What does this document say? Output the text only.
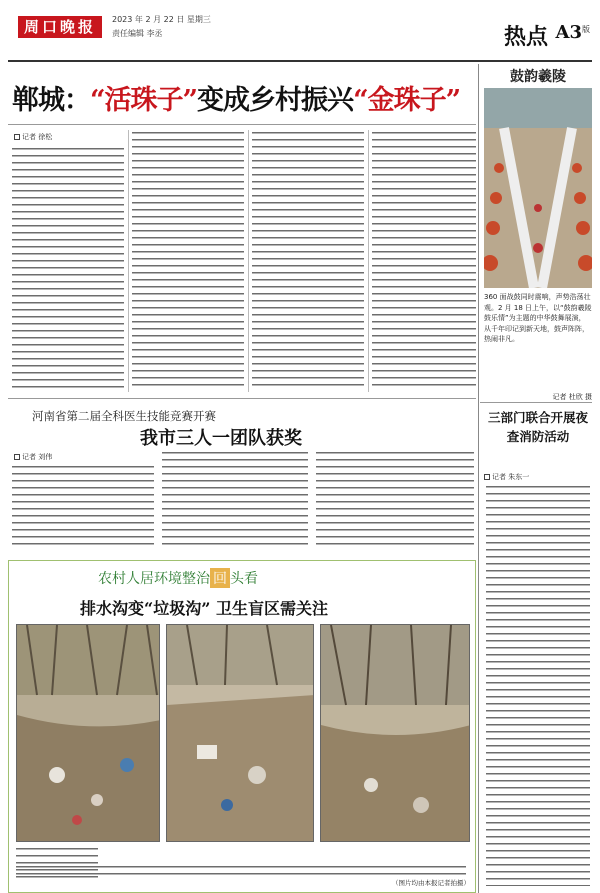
周口晚报	2023 年 2 月 22 日 星期三
责任编辑 李丞	热点 A3 版
郸城：“活珠子”变成乡村振兴“金珠子”
记者 徐松
河南省第二届全科医生技能竞赛开赛
我市三人一团队获奖
记者 刘伟
农村人居环境整治 回 头看
排水沟变“垃圾沟” 卫生盲区需关注
（图片均由本报记者拍摄）
鼓韵羲陵
360 面战鼓同时震响，声势浩荡壮观。2 月 18 日上午，以“鼓韵羲陵鼓乐情”为主题的中华鼓舞展演，从千年印记到新天地，鼓声阵阵，热闹非凡。
记者 杜欣 摄
三部门联合开展夜查消防活动
记者 朱东一
